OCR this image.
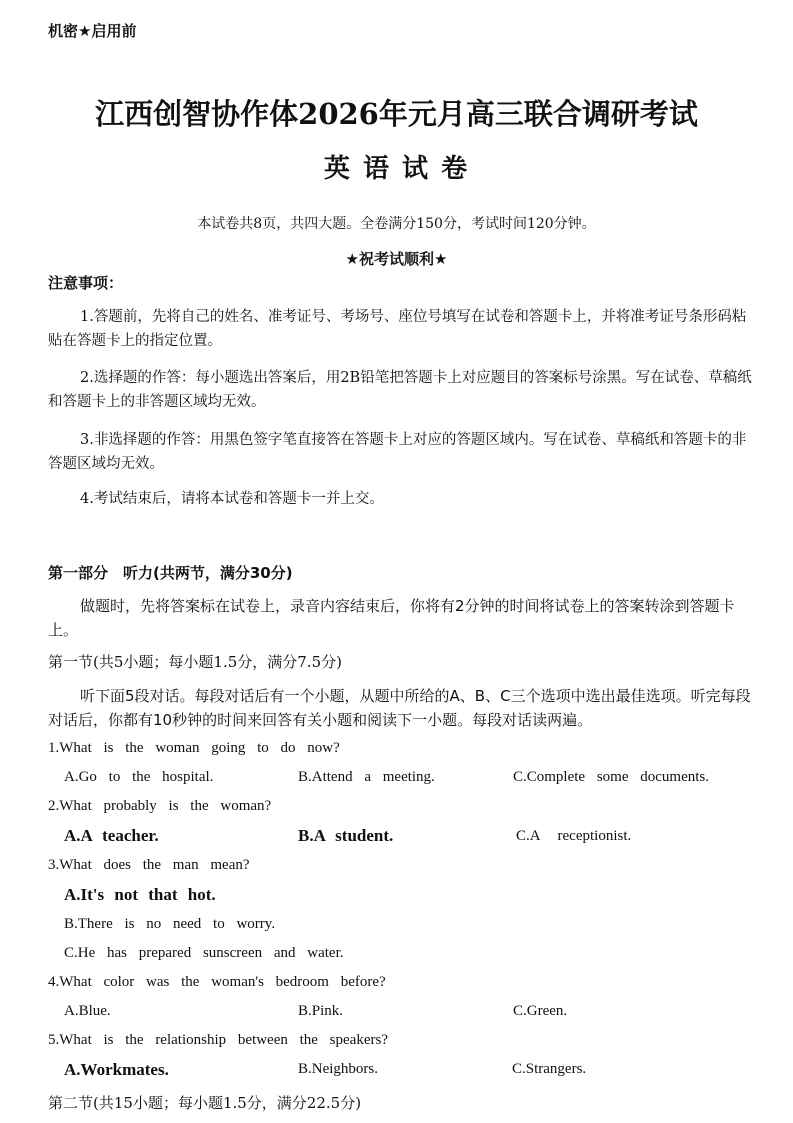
机密★启用前
江西创智协作体2026年元月高三联合调研考试
英 语 试 卷
本试卷共8页，共四大题。全卷满分150分，考试时间120分钟。
★祝考试顺利★
注意事项：
1.答题前，先将自己的姓名、准考证号、考场号、座位号填写在试卷和答题卡上，并将准考证号条形码粘贴在答题卡上的指定位置。
2.选择题的作答：每小题选出答案后，用2B铅笔把答题卡上对应题目的答案标号涂黑。写在试卷、草稿纸和答题卡上的非答题区域均无效。
3.非选择题的作答：用黑色签字笔直接答在答题卡上对应的答题区域内。写在试卷、草稿纸和答题卡的非答题区域均无效。
4.考试结束后，请将本试卷和答题卡一并上交。
第一部分　听力(共两节，满分30分)
做题时，先将答案标在试卷上，录音内容结束后，你将有2分钟的时间将试卷上的答案转涂到答题卡上。
第一节(共5小题；每小题1.5分，满分7.5分)
听下面5段对话。每段对话后有一个小题，从题中所给的A、B、C三个选项中选出最佳选项。听完每段对话后，你都有10秒钟的时间来回答有关小题和阅读下一小题。每段对话读两遍。
1.What is the woman going to do now?
A.Go to the hospital.	B.Attend a meeting.	C.Complete some documents.
2.What probably is the woman?
A.A teacher.	B.A student.	C.A receptionist.
3.What does the man mean?
A.It's not that hot.
B.There is no need to worry.
C.He has prepared sunscreen and water.
4.What color was the woman's bedroom before?
A.Blue.	B.Pink.	C.Green.
5.What is the relationship between the speakers?
A.Workmates.	B.Neighbors.	C.Strangers.
第二节(共15小题；每小题1.5分，满分22.5分)
